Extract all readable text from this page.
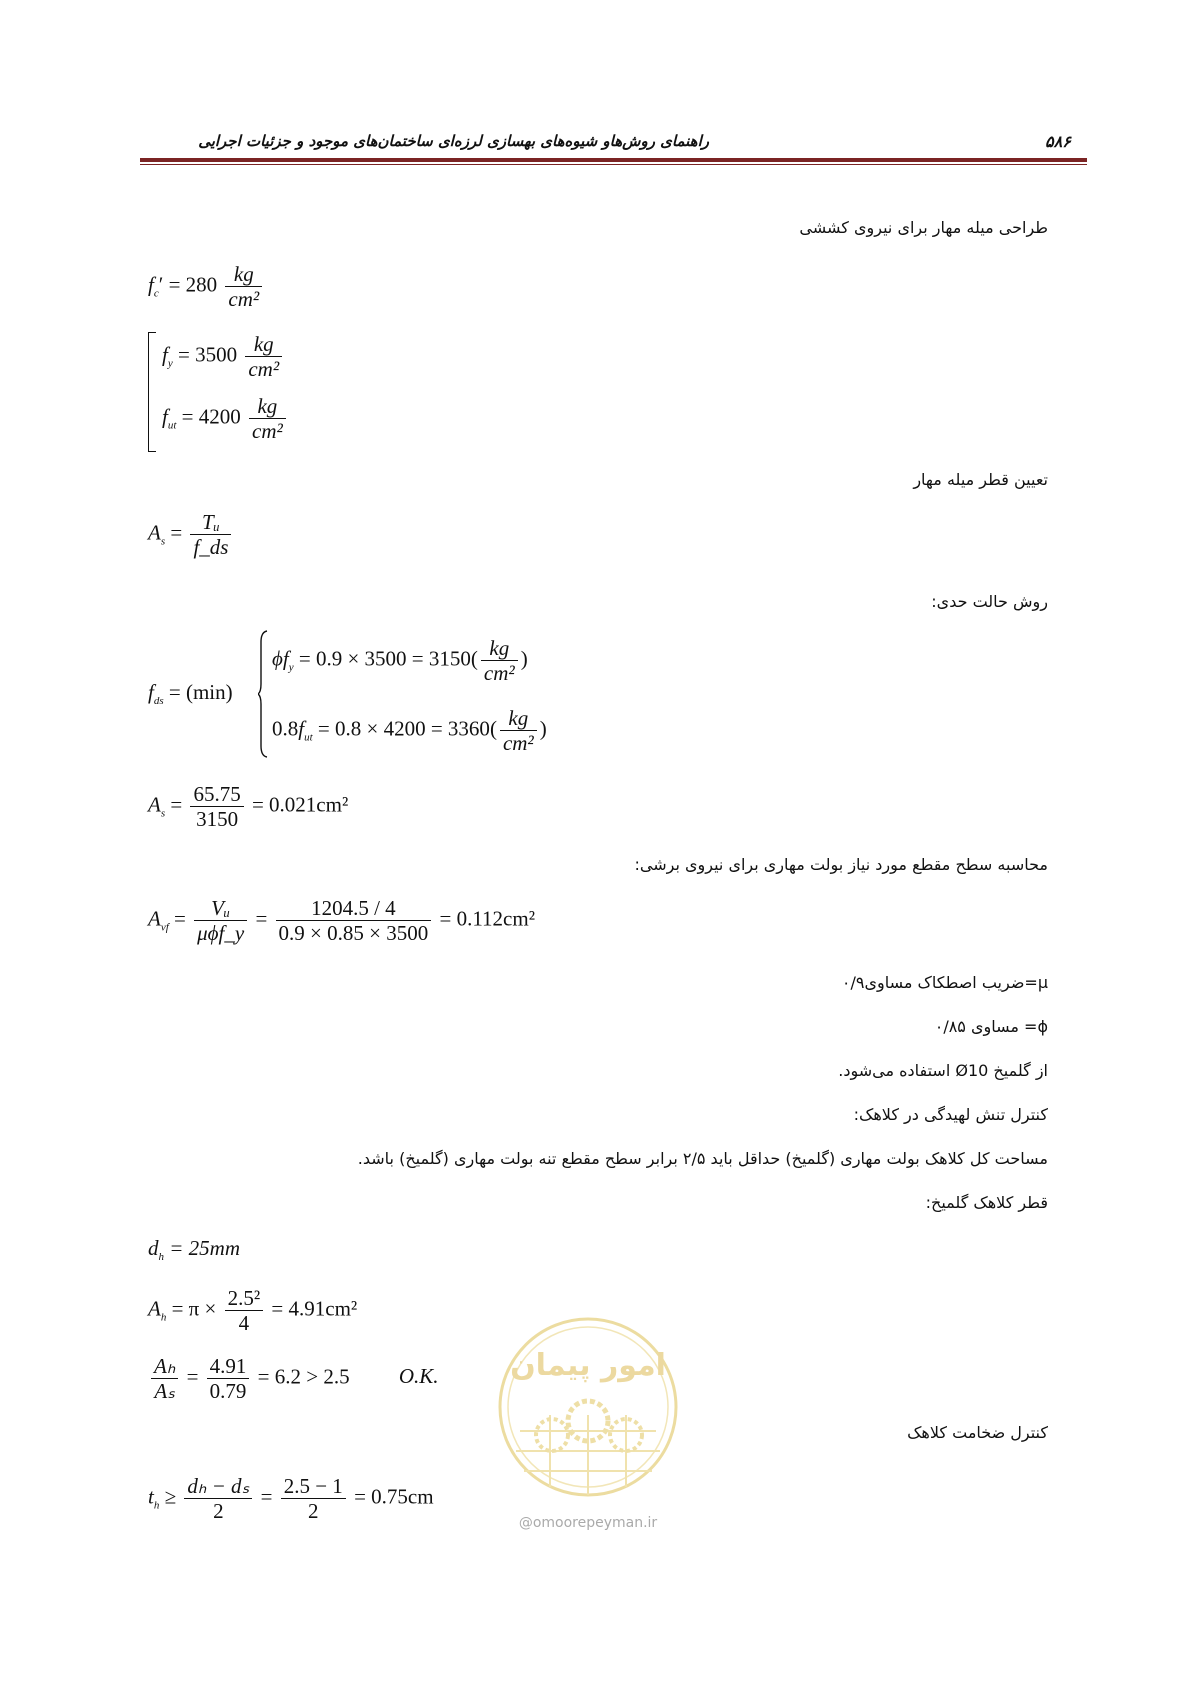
راهنمای روش‌هاو شیوه‌های بهسازی لرزه‌ای ساختمان‌های موجود و جزئیات اجرایی	۵۸۶
طراحی میله مهار برای نیروی کششی
تعیین قطر میله مهار
روش حالت حدی:
محاسبه سطح مقطع مورد نیاز بولت مهاری برای نیروی برشی:
μ=ضریب اصطکاک مساوی۰/۹
ϕ= مساوی ۰/۸۵
از گلمیخ Ø10 استفاده می‌شود.
کنترل تنش لهیدگی در کلاهک:
مساحت کل کلاهک بولت مهاری (گلمیخ) حداقل باید ۲/۵ برابر سطح مقطع تنه بولت مهاری (گلمیخ) باشد.
قطر کلاهک گلمیخ:
کنترل ضخامت کلاهک
$f_c' = 280 \frac{kg}{\text{cm²}}$
$f_y = 3500 \frac{kg}{\text{cm²}}$
$f_{ut} = 4200 \frac{kg}{\text{cm²}}$
$A_s = \frac{\text{Tᵤ}}{f\_ds}$
$f_{ds} = (\min)$
$\phi f_y = 0.9 \times 3500 = 3150( \frac{kg}{\text{cm²}}$ )
$0.8f_{ut} = 0.8 \times 4200 = 3360( \frac{kg}{\text{cm²}}$ )
$A_s = \frac{65.75}{3150} = 0.021cm^2$
$A_{vf} = \frac{\text{Vᵤ}}{\text{μϕf\_y}} = \frac{1204.5 / 4}{0.9 \times 0.85 \times 3500} = 0.112cm^2$
$d_h = 25mm$
$A_h = \pi \times \frac{\text{2.5²}}{4} = 4.91cm^2$
$\frac{\text{Aₕ}}{\text{Aₛ}} = \frac{4.91}{0.79} = 6.2 > 2.5$ O.K.
$t_h \ge \frac{\text{dₕ − dₛ}}{2} = \frac{2.5 - 1}{2} = 0.75cm$
امور پیمان
@omoorepeyman.ir
